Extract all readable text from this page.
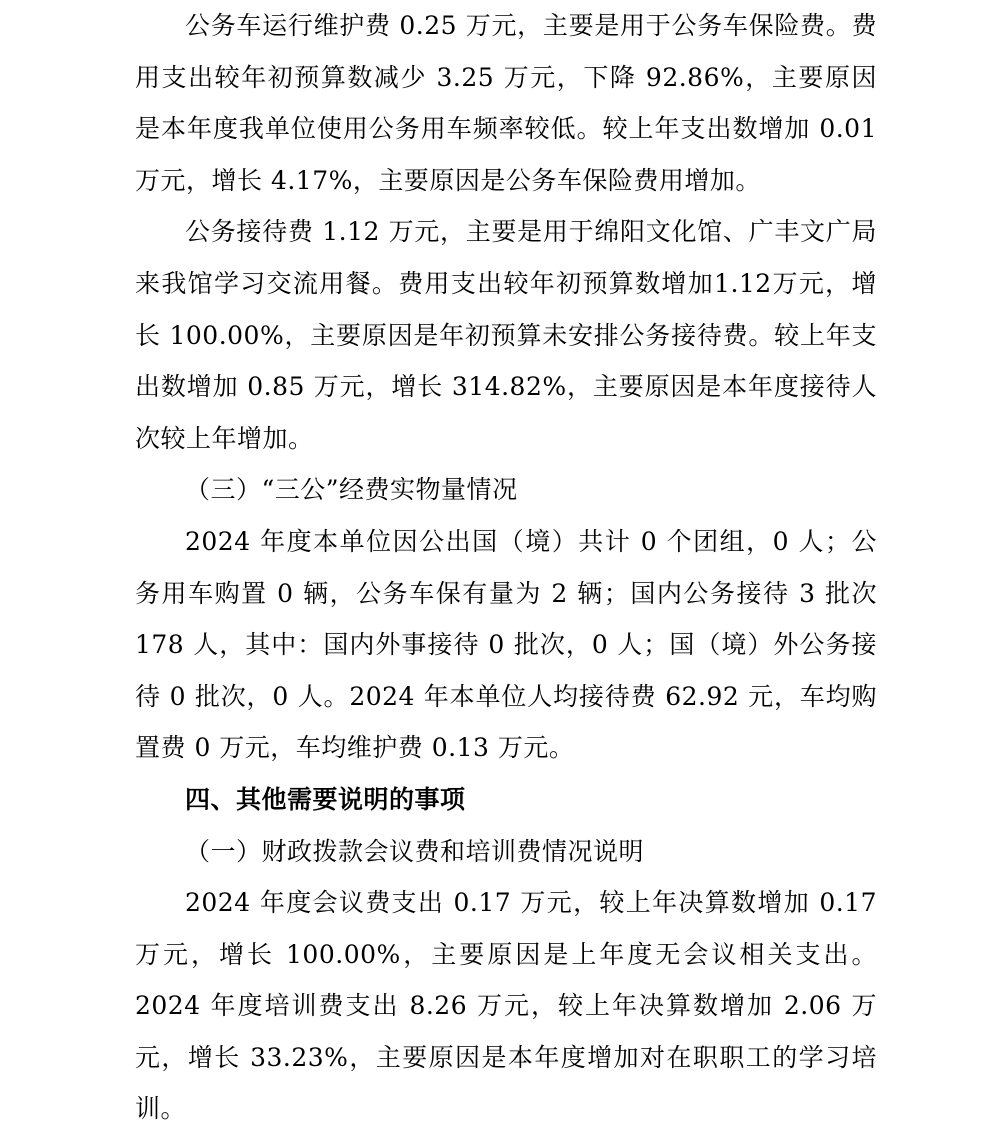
公务车运行维护费 0.25 万元，主要是用于公务车保险费。费用支出较年初预算数减少 3.25 万元，下降 92.86%，主要原因是本年度我单位使用公务用车频率较低。较上年支出数增加 0.01 万元，增长 4.17%，主要原因是公务车保险费用增加。

公务接待费 1.12 万元，主要是用于绵阳文化馆、广丰文广局来我馆学习交流用餐。费用支出较年初预算数增加1.12万元，增长 100.00%，主要原因是年初预算未安排公务接待费。较上年支出数增加 0.85 万元，增长 314.82%，主要原因是本年度接待人次较上年增加。

（三）“三公”经费实物量情况

2024 年度本单位因公出国（境）共计 0 个团组，0 人；公务用车购置 0 辆，公务车保有量为 2 辆；国内公务接待 3 批次 178 人，其中：国内外事接待 0 批次，0 人；国（境）外公务接待 0 批次，0 人。2024 年本单位人均接待费 62.92 元，车均购置费 0 万元，车均维护费 0.13 万元。

四、其他需要说明的事项

（一）财政拨款会议费和培训费情况说明

2024 年度会议费支出 0.17 万元，较上年决算数增加 0.17 万元，增长 100.00%，主要原因是上年度无会议相关支出。2024 年度培训费支出 8.26 万元，较上年决算数增加 2.06 万元，增长 33.23%，主要原因是本年度增加对在职职工的学习培训。
